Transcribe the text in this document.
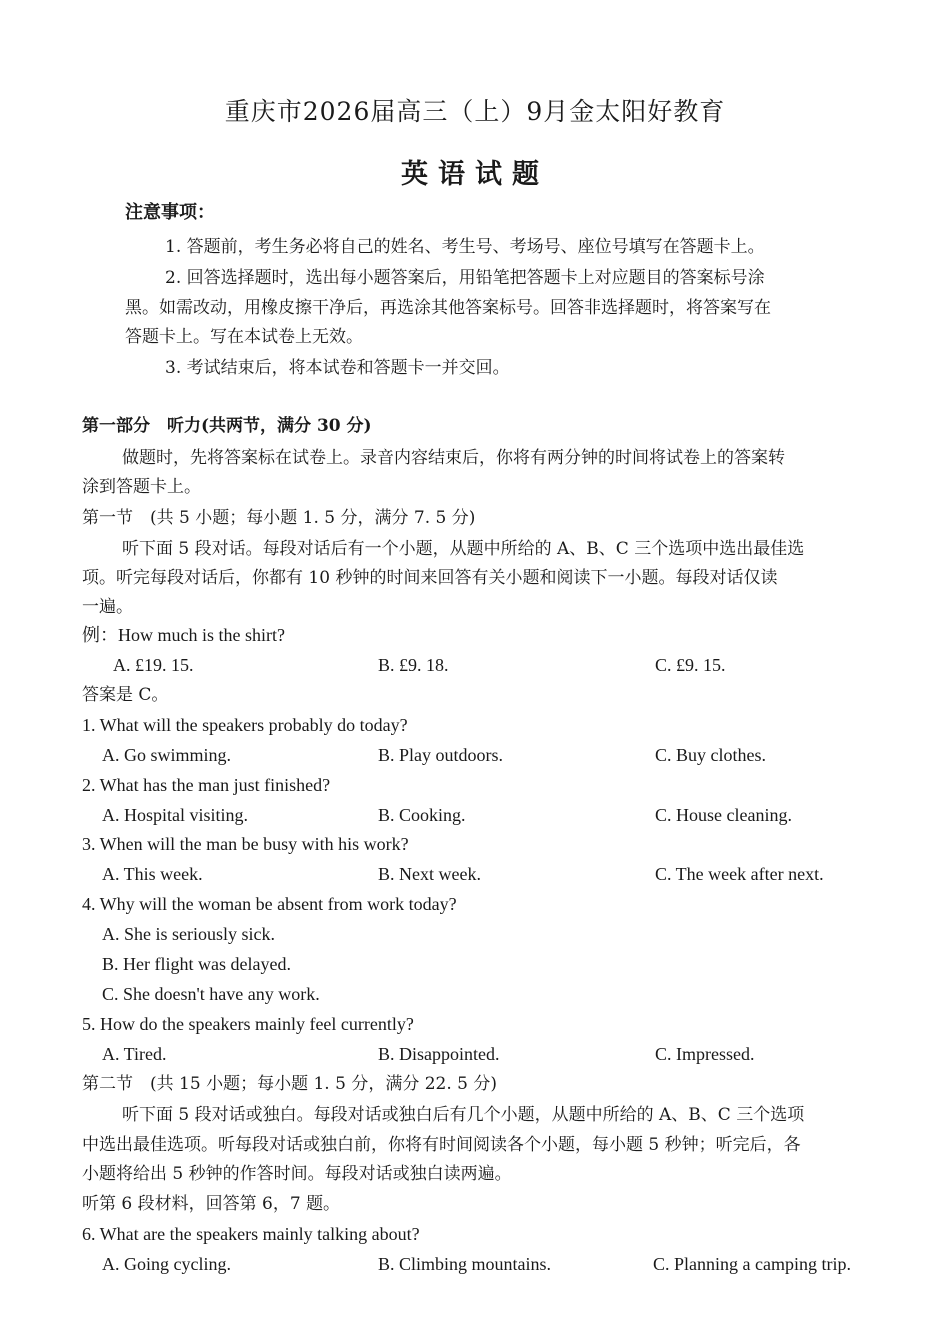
重庆市2026届高三（上）9月金太阳好教育
英语试题
注意事项：
1. 答题前，考生务必将自己的姓名、考生号、考场号、座位号填写在答题卡上。
2. 回答选择题时，选出每小题答案后，用铅笔把答题卡上对应题目的答案标号涂
黑。如需改动，用橡皮擦干净后，再选涂其他答案标号。回答非选择题时，将答案写在
答题卡上。写在本试卷上无效。
3. 考试结束后，将本试卷和答题卡一并交回。
第一部分　听力(共两节，满分 30 分)
做题时，先将答案标在试卷上。录音内容结束后，你将有两分钟的时间将试卷上的答案转
涂到答题卡上。
第一节　(共 5 小题；每小题 1. 5 分，满分 7. 5 分)
听下面 5 段对话。每段对话后有一个小题，从题中所给的 A、B、C 三个选项中选出最佳选
项。听完每段对话后，你都有 10 秒钟的时间来回答有关小题和阅读下一小题。每段对话仅读
一遍。
例：How much is the shirt?
A. £19. 15.	B. £9. 18.	C. £9. 15.
答案是 C。
1. What will the speakers probably do today?
A. Go swimming.	B. Play outdoors.	C. Buy clothes.
2. What has the man just finished?
A. Hospital visiting.	B. Cooking.	C. House cleaning.
3. When will the man be busy with his work?
A. This week.	B. Next week.	C. The week after next.
4. Why will the woman be absent from work today?
A. She is seriously sick.
B. Her flight was delayed.
C. She doesn't have any work.
5. How do the speakers mainly feel currently?
A. Tired.	B. Disappointed.	C. Impressed.
第二节　(共 15 小题；每小题 1. 5 分，满分 22. 5 分)
听下面 5 段对话或独白。每段对话或独白后有几个小题，从题中所给的 A、B、C 三个选项
中选出最佳选项。听每段对话或独白前，你将有时间阅读各个小题，每小题 5 秒钟；听完后，各
小题将给出 5 秒钟的作答时间。每段对话或独白读两遍。
听第 6 段材料，回答第 6，7 题。
6. What are the speakers mainly talking about?
A. Going cycling.	B. Climbing mountains.	C. Planning a camping trip.
